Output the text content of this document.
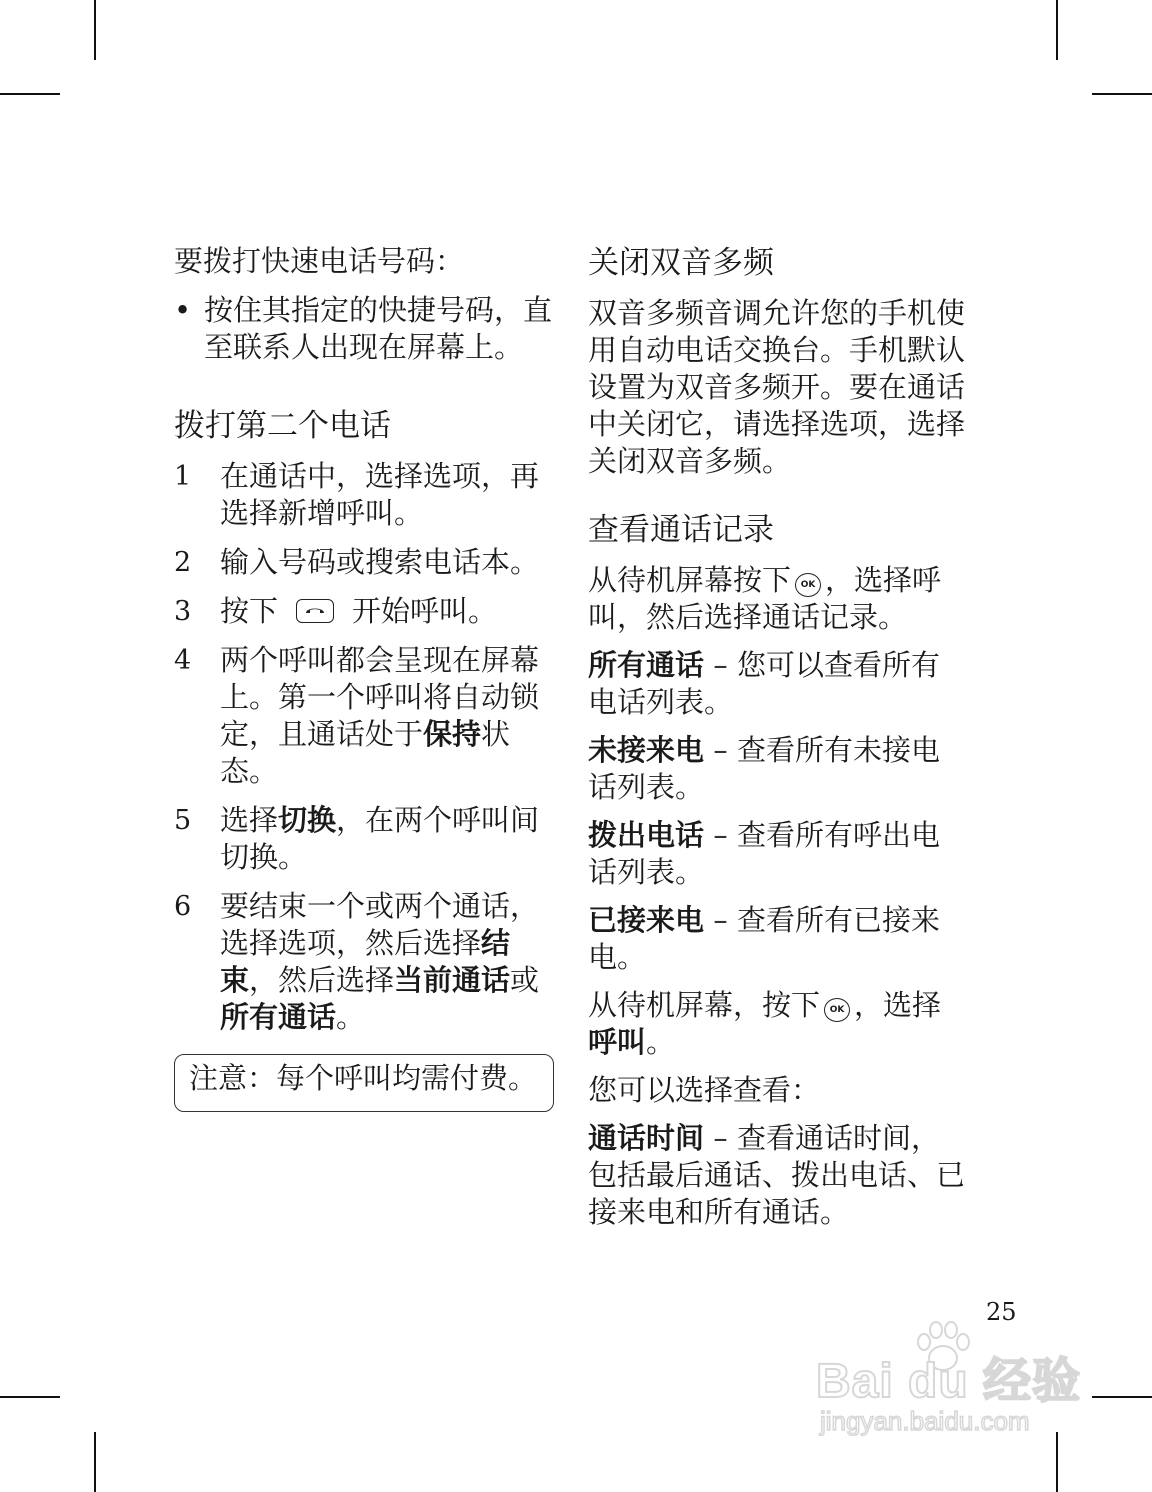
要拨打快速电话号码：

• 按住其指定的快捷号码，直至联系人出现在屏幕上。
拨打第二个电话
1 在通话中，选择选项，再选择新增呼叫。
2 输入号码或搜索电话本。
3 按下	开始呼叫。
4 两个呼叫都会呈现在屏幕上。第一个呼叫将自动锁定，且通话处于保持状态。
5 选择切换，在两个呼叫间切换。
6 要结束一个或两个通话，选择选项，然后选择结束，然后选择当前通话或所有通话。
注意：每个呼叫均需付费。
关闭双音多频

双音多频音调允许您的手机使用自动电话交换台。手机默认设置为双音多频开。要在通话中关闭它，请选择选项，选择关闭双音多频。

查看通话记录

从待机屏幕按下 OK ，选择呼叫，然后选择通话记录。

所有通话 – 您可以查看所有电话列表。

未接来电 – 查看所有未接电话列表。

拨出电话 – 查看所有呼出电话列表。

已接来电 – 查看所有已接来电。

从待机屏幕，按下 OK ，选择呼叫。

您可以选择查看：

通话时间 – 查看通话时间，包括最后通话、拨出电话、已接来电和所有通话。

25
Bai du 经验
jingyan.baidu.com
